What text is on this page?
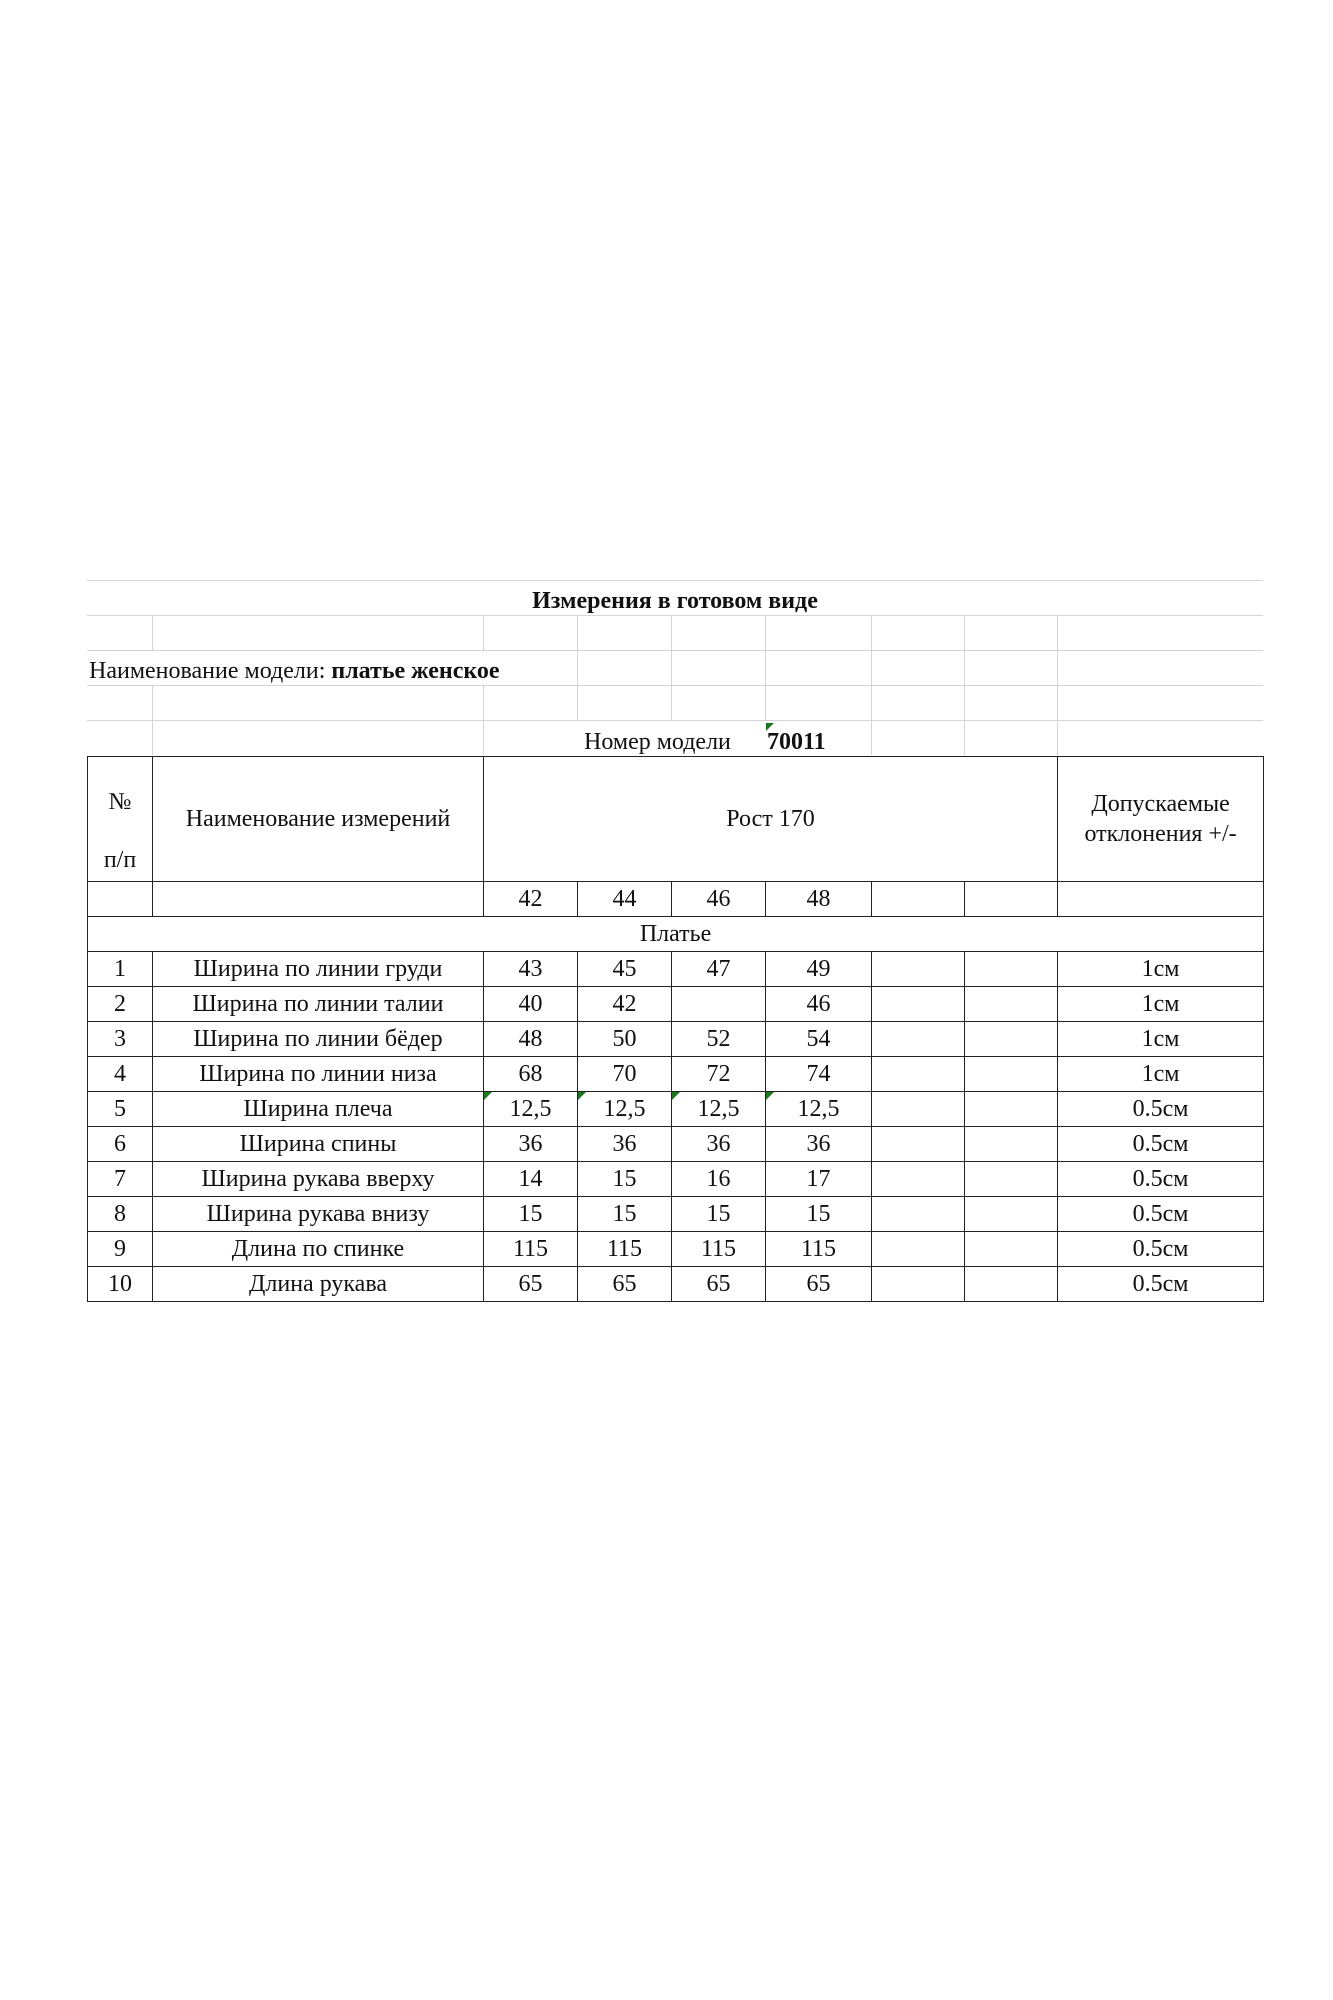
Измерения в готовом виде
Наименование модели: платье женское
Номер модели 70011
№
п/п	Наименование измерений	Рост 170						Допускаемые отклонения +/-
		42	44	46	48			
Платье								
1	Ширина по линии груди	43	45	47	49			1см
2	Ширина по линии талии	40	42		46			1см
3	Ширина по линии бёдер	48	50	52	54			1см
4	Ширина по линии низа	68	70	72	74			1см
5	Ширина плеча	12,5	12,5	12,5	12,5			0.5см
6	Ширина спины	36	36	36	36			0.5см
7	Ширина рукава вверху	14	15	16	17			0.5см
8	Ширина рукава внизу	15	15	15	15			0.5см
9	Длина по спинке	115	115	115	115			0.5см
10	Длина рукава	65	65	65	65			0.5см
